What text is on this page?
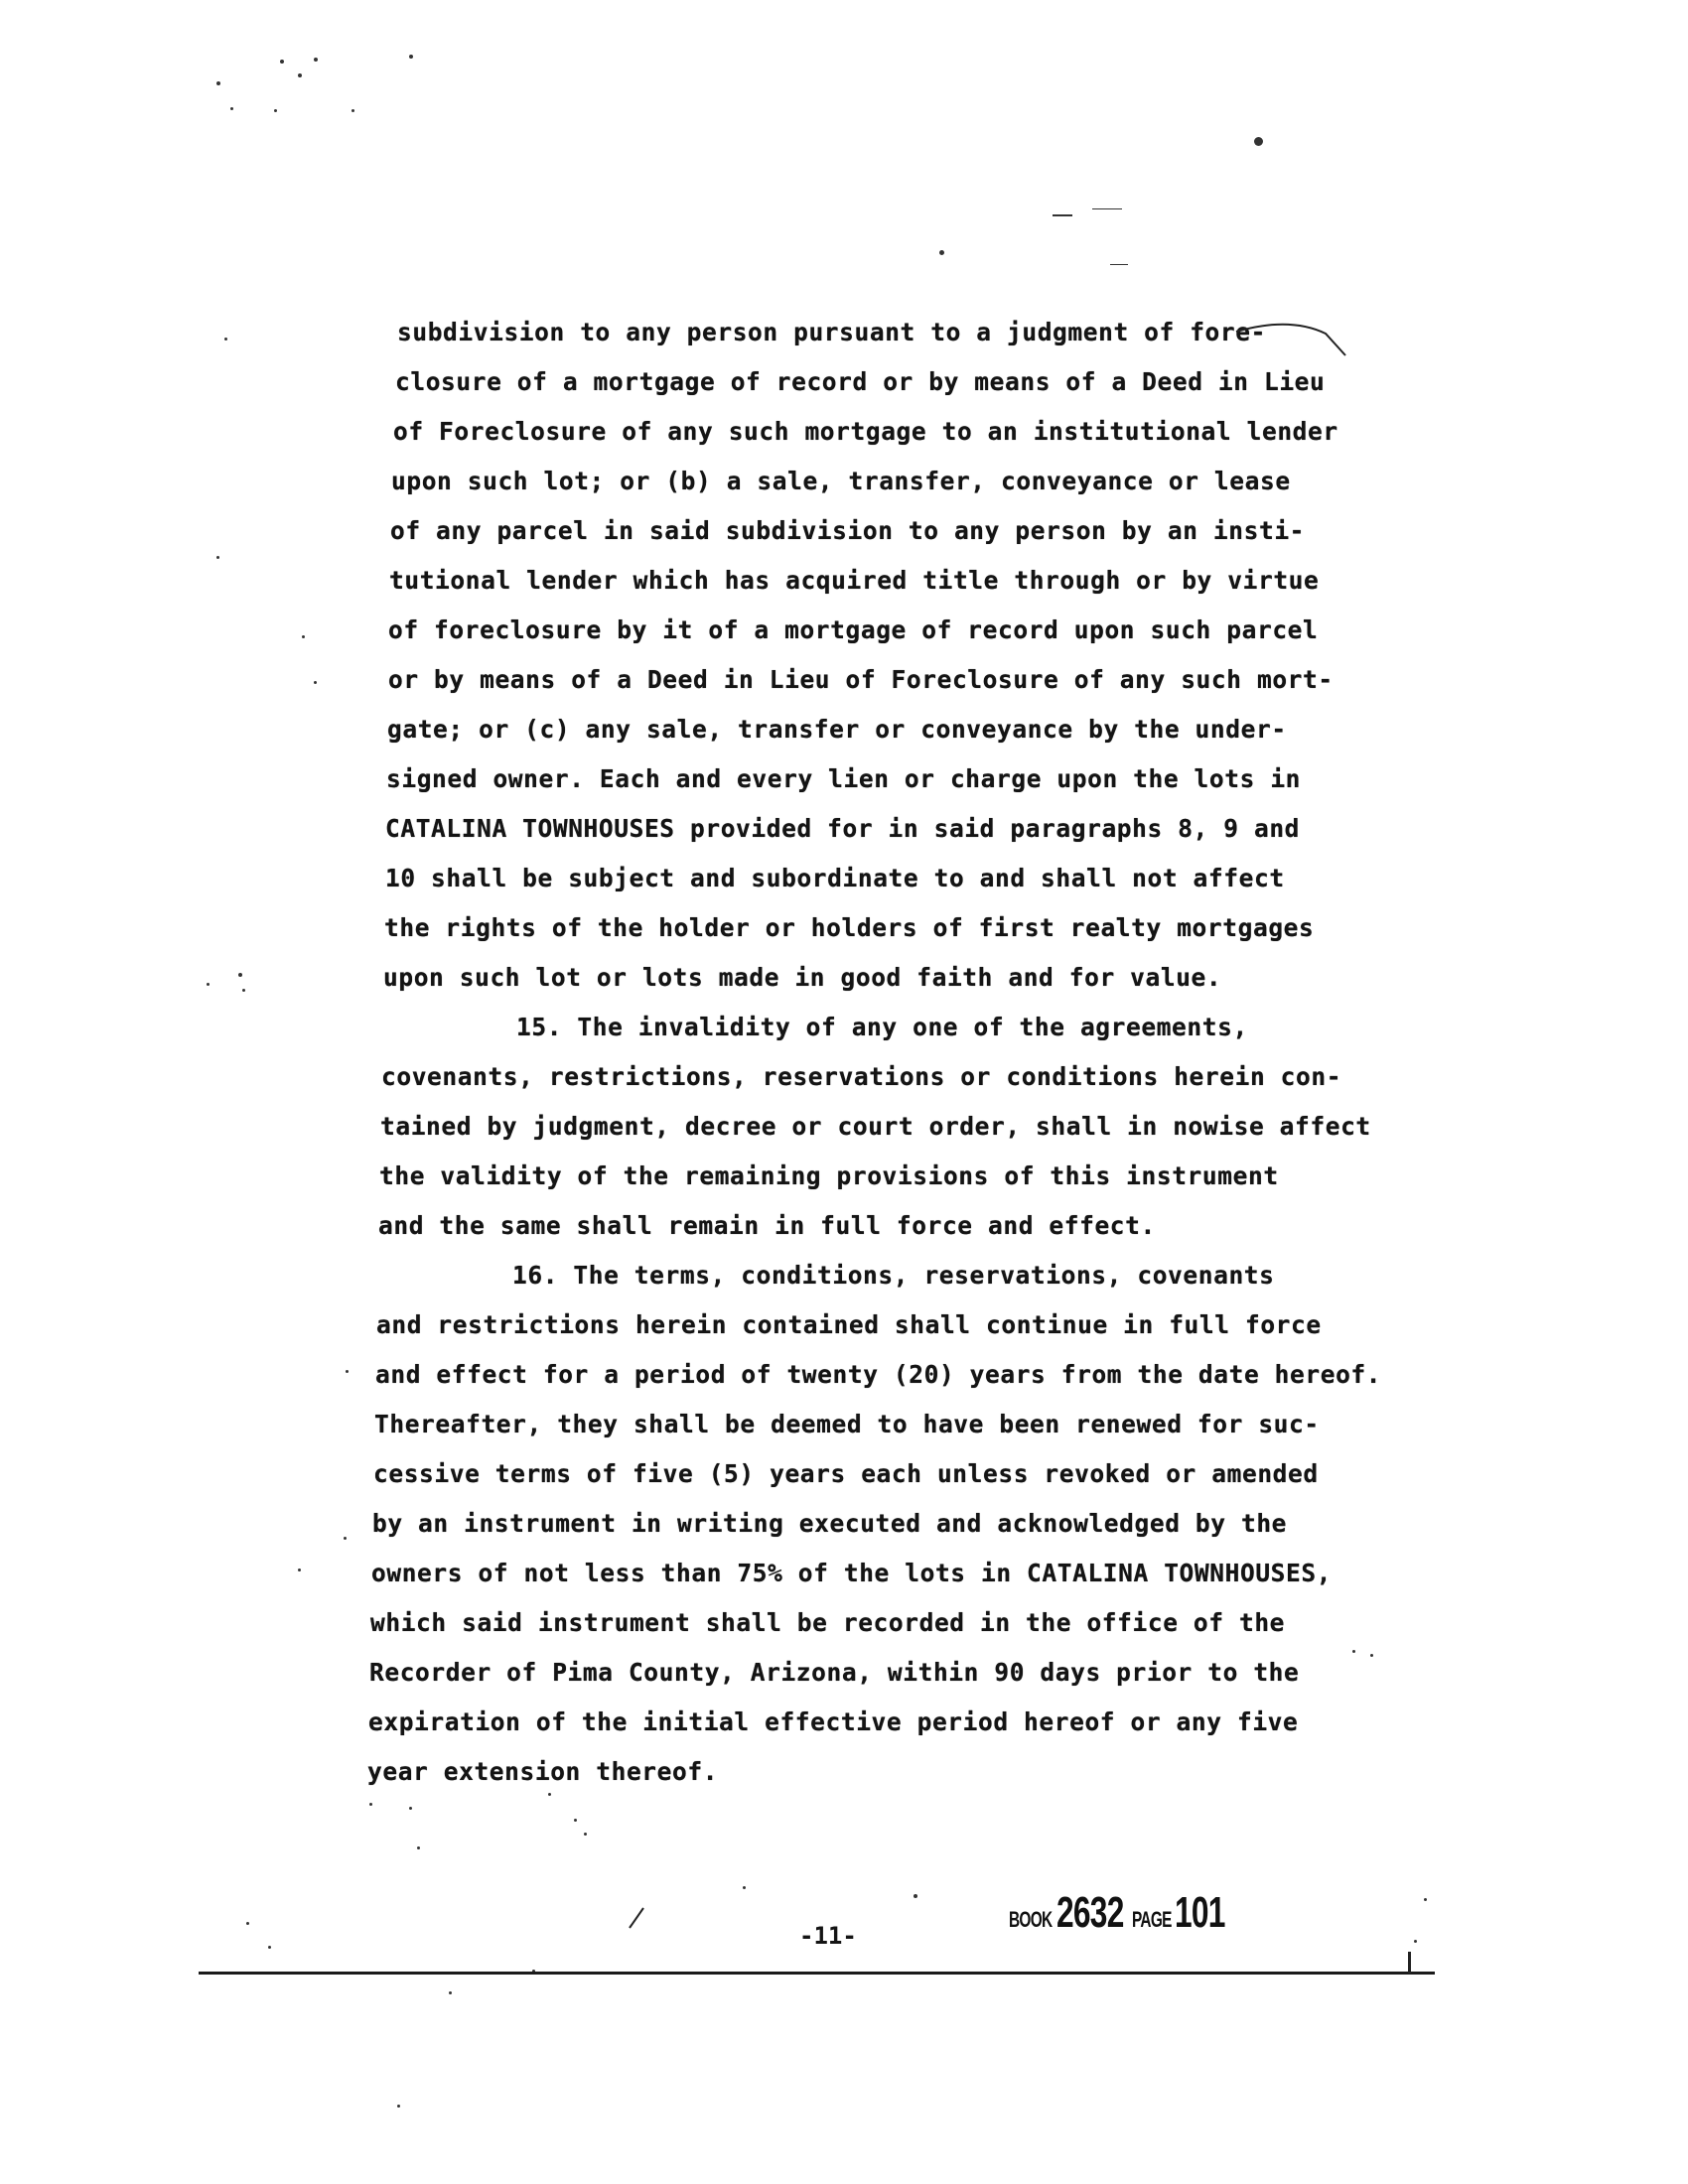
subdivision to any person pursuant to a judgment of fore-
closure of a mortgage of record or by means of a Deed in Lieu
of Foreclosure of any such mortgage to an institutional lender
upon such lot; or (b) a sale, transfer, conveyance or lease
of any parcel in said subdivision to any person by an insti-
tutional lender which has acquired title through or by virtue
of foreclosure by it of a mortgage of record upon such parcel
or by means of a Deed in Lieu of Foreclosure of any such mort-
gate; or (c) any sale, transfer or conveyance by the under-
signed owner. Each and every lien or charge upon the lots in
CATALINA TOWNHOUSES provided for in said paragraphs 8, 9 and
10 shall be subject and subordinate to and shall not affect
the rights of the holder or holders of first realty mortgages
upon such lot or lots made in good faith and for value.
15. The invalidity of any one of the agreements,
covenants, restrictions, reservations or conditions herein con-
tained by judgment, decree or court order, shall in nowise affect
the validity of the remaining provisions of this instrument
and the same shall remain in full force and effect.
16. The terms, conditions, reservations, covenants
and restrictions herein contained shall continue in full force
and effect for a period of twenty (20) years from the date hereof.
Thereafter, they shall be deemed to have been renewed for suc-
cessive terms of five (5) years each unless revoked or amended
by an instrument in writing executed and acknowledged by the
owners of not less than 75% of the lots in CATALINA TOWNHOUSES,
which said instrument shall be recorded in the office of the
Recorder of Pima County, Arizona, within 90 days prior to the
expiration of the initial effective period hereof or any five
year extension thereof.
-11-
BOOK 2632 PAGE101
